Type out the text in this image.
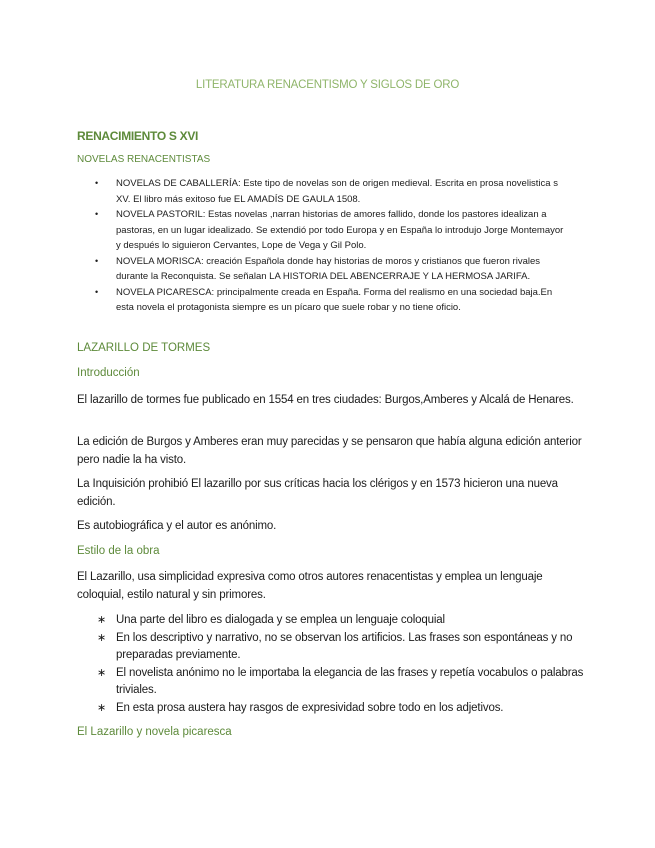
LITERATURA RENACENTISMO Y SIGLOS DE ORO
RENACIMIENTO S XVI
NOVELAS RENACENTISTAS
• NOVELAS DE CABALLERÍA: Este tipo de novelas son de origen medieval. Escrita en prosa novelistica s XV. El libro más exitoso fue EL AMADÍS DE GAULA 1508.
• NOVELA PASTORIL: Estas novelas ,narran historias de amores fallido, donde los pastores idealizan a pastoras, en un lugar idealizado. Se extendió por todo Europa y en España lo introdujo Jorge Montemayor y después lo siguieron Cervantes, Lope de Vega y Gil Polo.
• NOVELA MORISCA: creación Española donde hay historias de moros y cristianos que fueron rivales durante la Reconquista. Se señalan LA HISTORIA DEL ABENCERRAJE Y LA HERMOSA JARIFA.
• NOVELA PICARESCA: principalmente creada en España. Forma del realismo en una sociedad baja.En esta novela el protagonista siempre es un pícaro que suele robar y no tiene oficio.
LAZARILLO DE TORMES
Introducción

El lazarillo de tormes fue publicado en 1554 en tres ciudades: Burgos,Amberes y Alcalá de Henares.

La edición de Burgos y Amberes eran muy parecidas y se pensaron que había alguna edición anterior pero nadie la ha visto.

La Inquisición prohibió El lazarillo por sus críticas hacia los clérigos y en 1573 hicieron una nueva edición.

Es autobiográfica y el autor es anónimo.

Estilo de la obra

El Lazarillo, usa simplicidad expresiva como otros autores renacentistas y emplea un lenguaje coloquial, estilo natural y sin primores.

∗ Una parte del libro es dialogada y se emplea un lenguaje coloquial
∗ En los descriptivo y narrativo, no se observan los artificios. Las frases son espontáneas y no preparadas previamente.
∗ El novelista anónimo no le importaba la elegancia de las frases y repetía vocabulos o palabras triviales.
∗ En esta prosa austera hay rasgos de expresividad sobre todo en los adjetivos.
El Lazarillo y novela picaresca
